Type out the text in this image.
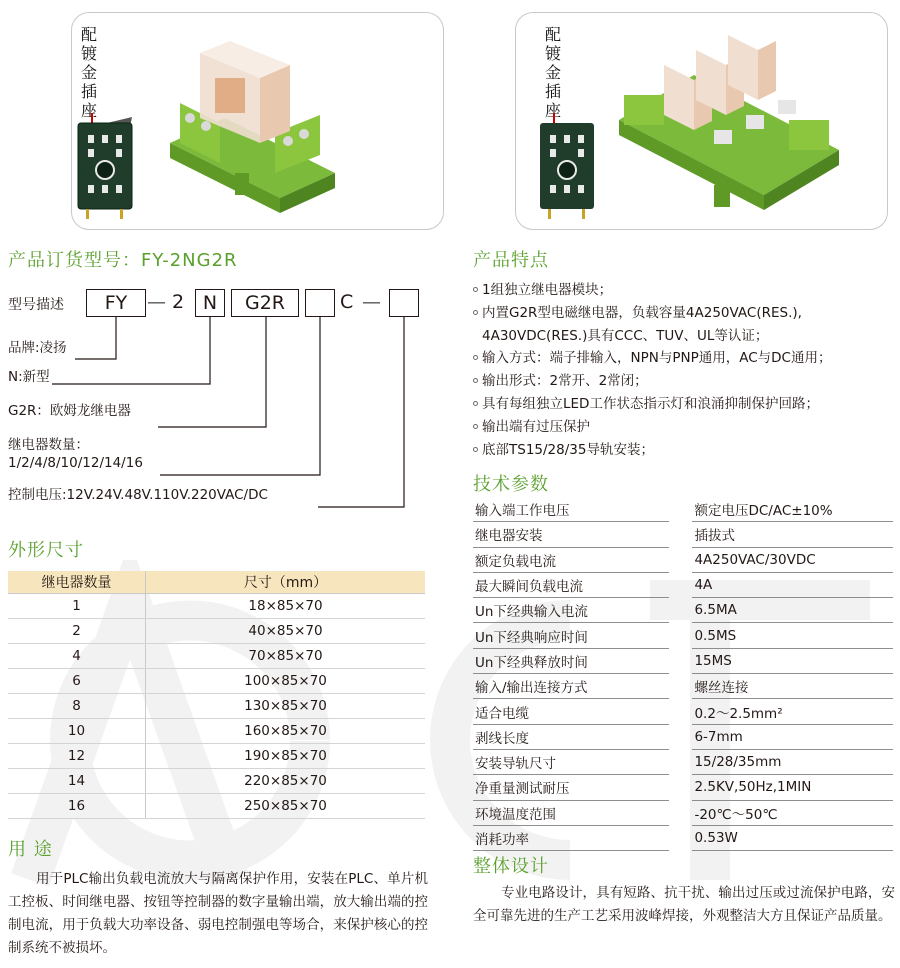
配镀金插座
配镀金插座
产品订货型号：FY-2NG2R
型号描述	FY	— 2 N	G2R	C —
品牌:凌扬
N:新型
G2R：欧姆龙继电器
继电器数量：
1/2/4/8/10/12/14/16
控制电压:12V.24V.48V.110V.220VAC/DC
外形尺寸
继电器数量	尺寸（mm）
1	18×85×70
2	40×85×70
4	70×85×70
6	100×85×70
8	130×85×70
10	160×85×70
12	190×85×70
14	220×85×70
16	250×85×70
用 途
用于PLC输出负载电流放大与隔离保护作用，安装在PLC、单片机工控板、时间继电器、按钮等控制器的数字量输出端，放大输出端的控制电流，用于负载大功率设备、弱电控制强电等场合，来保护核心的控制系统不被损坏。
产品特点
1组独立继电器模块；
内置G2R型电磁继电器，负载容量4A250VAC(RES.),
4A30VDC(RES.)具有CCC、TUV、UL等认证；
输入方式：端子排输入，NPN与PNP通用，AC与DC通用；
输出形式：2常开、2常闭；
具有每组独立LED工作状态指示灯和浪涌抑制保护回路；
输出端有过压保护
底部TS15/28/35导轨安装；
技术参数
输入端工作电压		额定电压DC/AC±10%
继电器安装		插拔式
额定负载电流		4A250VAC/30VDC
最大瞬间负载电流		4A
Un下经典输入电流		6.5MA
Un下经典响应时间		0.5MS
Un下经典释放时间		15MS
输入/输出连接方式		螺丝连接
适合电缆		0.2～2.5mm²
剥线长度		6-7mm
安装导轨尺寸		15/28/35mm
净重量测试耐压		2.5KV,50Hz,1MIN
环境温度范围		-20℃～50℃
消耗功率		0.53W
整体设计
专业电路设计，具有短路、抗干扰、输出过压或过流保护电路，安全可靠先进的生产工艺采用波峰焊接，外观整洁大方且保证产品质量。
